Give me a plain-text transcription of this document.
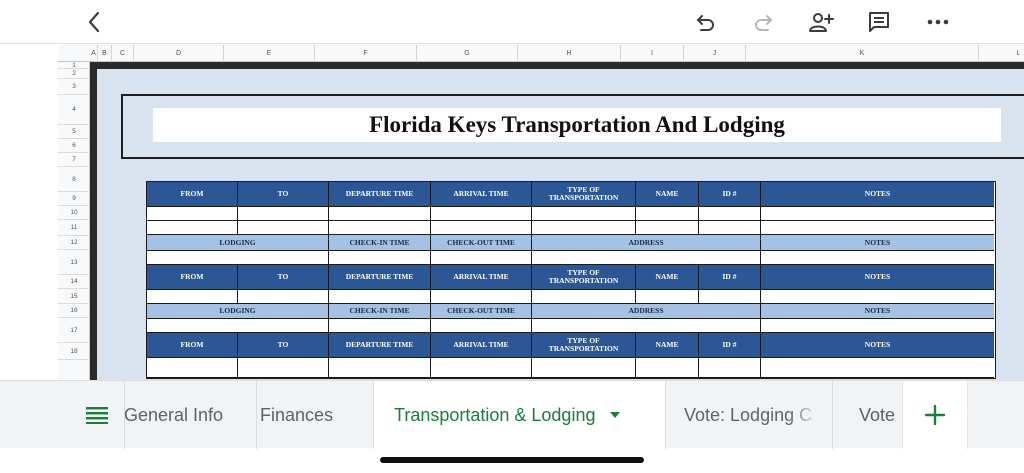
A B	C	D	E	F	G	H	I	J	K	L
1
2
3
4
5
6
7
8
9
10
11
12
13
14
15
16
17
18
Florida Keys Transportation And Lodging
FROM	TO	DEPARTURE TIME	ARRIVAL TIME	TYPE OF TRANSPORTATION	NAME	ID #	NOTES
LODGING	CHECK-IN TIME	CHECK-OUT TIME	ADDRESS	NOTES
FROM	TO	DEPARTURE TIME	ARRIVAL TIME	TYPE OF TRANSPORTATION	NAME	ID #	NOTES
LODGING	CHECK-IN TIME	CHECK-OUT TIME	ADDRESS	NOTES
FROM	TO	DEPARTURE TIME	ARRIVAL TIME	TYPE OF TRANSPORTATION	NAME	ID #	NOTES
General Info Finances	Transportation & Lodging	Vote: Lodging C	Vote
